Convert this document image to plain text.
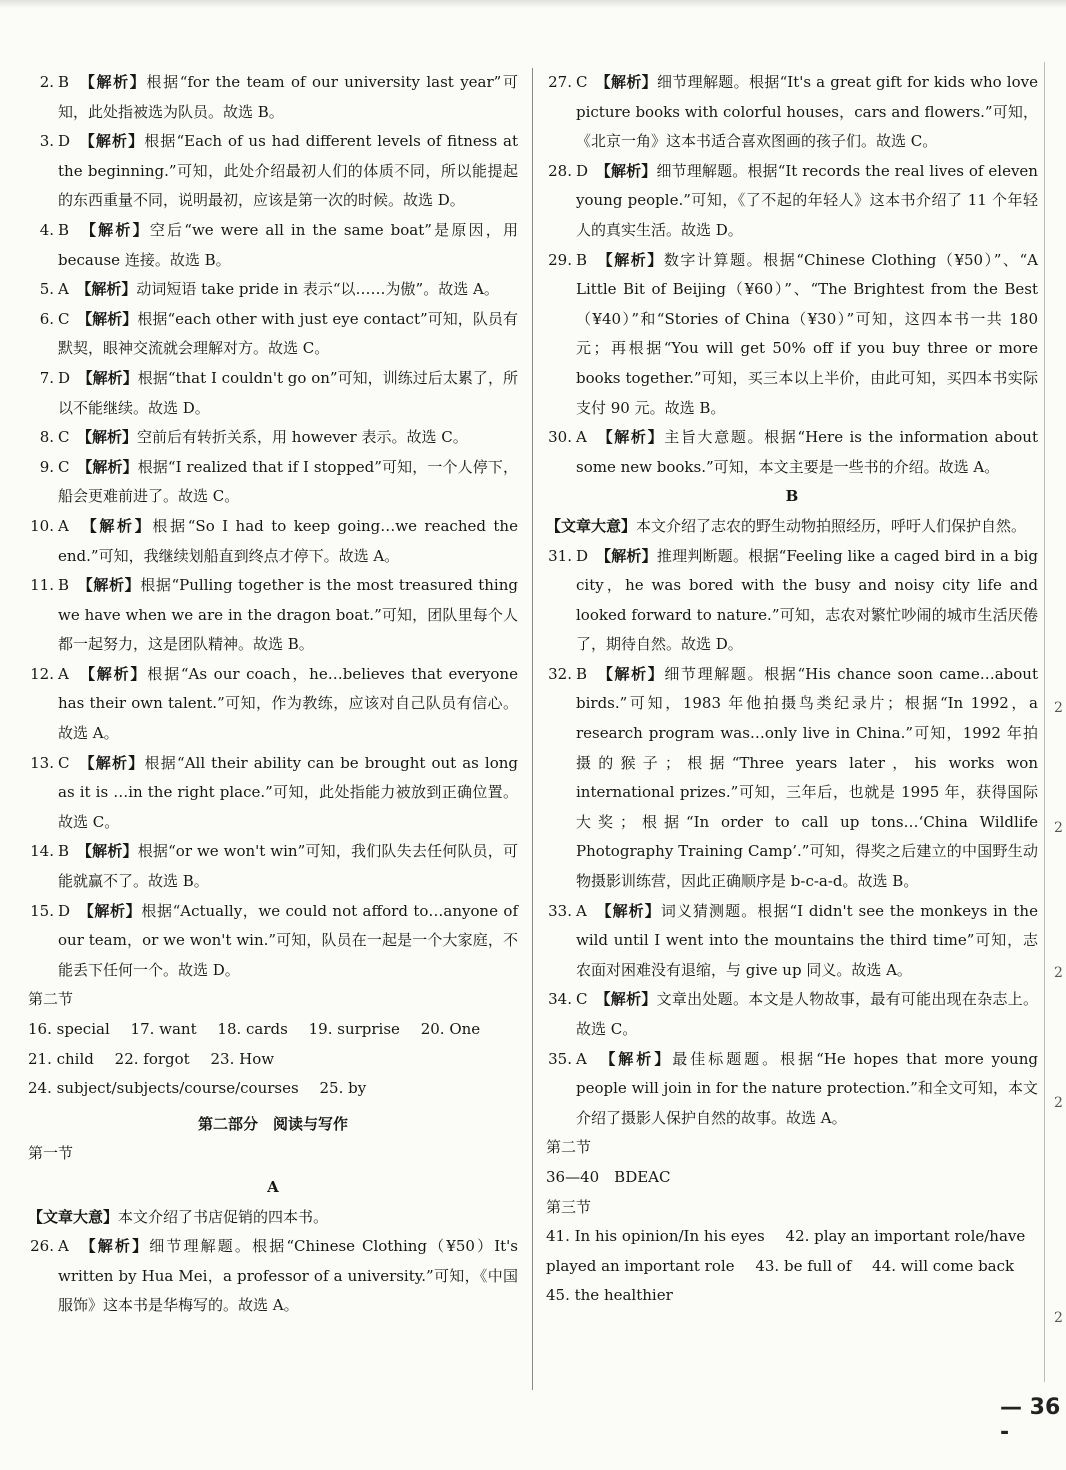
2. B　 【解析】根据“for the team of our university last year”可知，此处指被选为队员。故选 B。
3. D　 【解析】根据“Each of us had different levels of fitness at the beginning.”可知，此处介绍最初人们的体质不同，所以能提起的东西重量不同，说明最初，应该是第一次的时候。故选 D。
4. B　 【解析】空后“we were all in the same boat”是原因，用 because 连接。故选 B。
5. A　 【解析】动词短语 take pride in 表示“以……为傲”。故选 A。
6. C　 【解析】根据“each other with just eye contact”可知，队员有默契，眼神交流就会理解对方。故选 C。
7. D　 【解析】根据“that I couldn't go on”可知，训练过后太累了，所以不能继续。故选 D。
8. C　 【解析】空前后有转折关系，用 however 表示。故选 C。
9. C　 【解析】根据“I realized that if I stopped”可知，一个人停下，船会更难前进了。故选 C。
10. A　 【解析】根据“So I had to keep going…we reached the end.”可知，我继续划船直到终点才停下。故选 A。
11. B　 【解析】根据“Pulling together is the most treasured thing we have when we are in the dragon boat.”可知，团队里每个人都一起努力，这是团队精神。故选 B。
12. A　 【解析】根据“As our coach，he…believes that everyone has their own talent.”可知，作为教练，应该对自己队员有信心。故选 A。
13. C　 【解析】根据“All their ability can be brought out as long as it is …in the right place.”可知，此处指能力被放到正确位置。故选 C。
14. B　 【解析】根据“or we won't win”可知，我们队失去任何队员，可能就赢不了。故选 B。
15. D　 【解析】根据“Actually，we could not afford to…anyone of our team，or we won't win.”可知，队员在一起是一个大家庭，不能丢下任何一个。故选 D。
第二节
16. special 17. want 18. cards 19. surprise 20. One 21. child 22. forgot 23. How 24. subject/subjects/course/courses 25. by
第二部分　阅读与写作
第一节
A
【文章大意】本文介绍了书店促销的四本书。
26. A　 【解析】细节理解题。根据“Chinese Clothing（¥50）It's written by Hua Mei，a professor of a university.”可知，《中国服饰》这本书是华梅写的。故选 A。
27. C　 【解析】细节理解题。根据“It's a great gift for kids who love picture books with colorful houses，cars and flowers.”可知，《北京一角》这本书适合喜欢图画的孩子们。故选 C。
28. D　 【解析】细节理解题。根据“It records the real lives of eleven young people.”可知，《了不起的年轻人》这本书介绍了 11 个年轻人的真实生活。故选 D。
29. B　 【解析】数字计算题。根据“Chinese Clothing（¥50）”、“A Little Bit of Beijing（¥60）”、“The Brightest from the Best（¥40）”和“Stories of China（¥30）”可知，这四本书一共 180 元；再根据“You will get 50% off if you buy three or more books together.”可知，买三本以上半价，由此可知，买四本书实际支付 90 元。故选 B。
30. A　 【解析】主旨大意题。根据“Here is the information about some new books.”可知，本文主要是一些书的介绍。故选 A。
B
【文章大意】本文介绍了志农的野生动物拍照经历，呼吁人们保护自然。
31. D　 【解析】推理判断题。根据“Feeling like a caged bird in a big city，he was bored with the busy and noisy city life and looked forward to nature.”可知，志农对繁忙吵闹的城市生活厌倦了，期待自然。故选 D。
32. B　 【解析】细节理解题。根据“His chance soon came…about birds.”可知，1983 年他拍摄鸟类纪录片；根据“In 1992，a research program was…only live in China.”可知，1992 年拍摄的猴子；根据“Three years later，his works won international prizes.”可知，三年后，也就是 1995 年，获得国际大奖；根据“In order to call up tons…‘China Wildlife Photography Training Camp’.”可知，得奖之后建立的中国野生动物摄影训练营，因此正确顺序是 b-c-a-d。故选 B。
33. A　 【解析】词义猜测题。根据“I didn't see the monkeys in the wild until I went into the mountains the third time”可知，志农面对困难没有退缩，与 give up 同义。故选 A。
34. C　 【解析】文章出处题。本文是人物故事，最有可能出现在杂志上。故选 C。
35. A　 【解析】最佳标题题。根据“He hopes that more young people will join in for the nature protection.”和全文可知，本文介绍了摄影人保护自然的故事。故选 A。
第二节
36—40　BDEAC
第三节
41. In his opinion/In his eyes 42. play an important role/have played an important role 43. be full of 44. will come back 45. the healthier
— 36 -
2
2
2
2
2
